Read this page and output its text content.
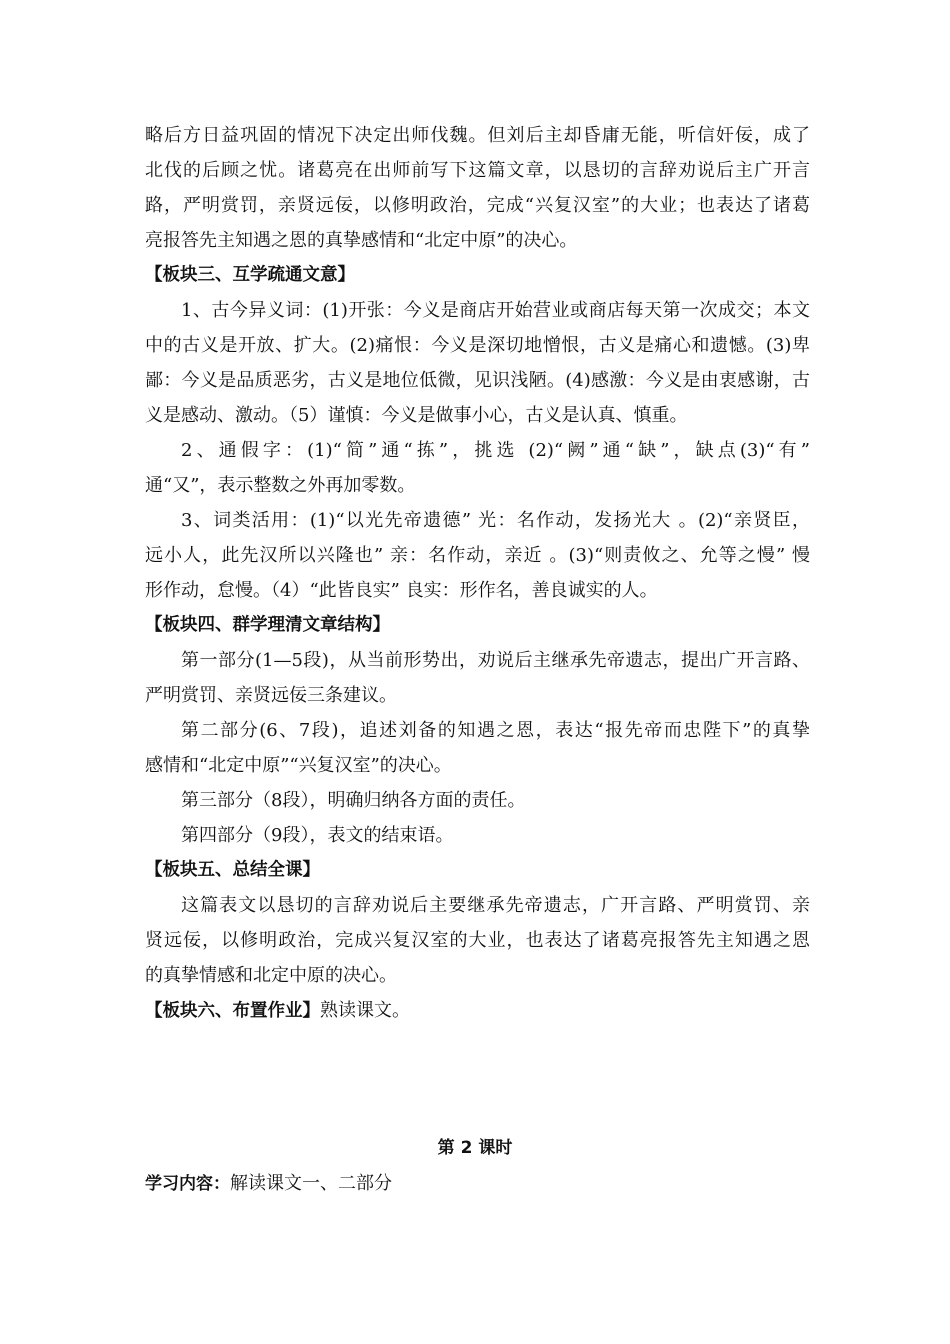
略后方日益巩固的情况下决定出师伐魏。但刘后主却昏庸无能，听信奸佞，成了
北伐的后顾之忧。诸葛亮在出师前写下这篇文章，以恳切的言辞劝说后主广开言
路，严明赏罚，亲贤远佞，以修明政治，完成“兴复汉室”的大业；也表达了诸葛
亮报答先主知遇之恩的真挚感情和“北定中原”的决心。
【板块三、互学疏通文意】
1、古今异义词：(1)开张：今义是商店开始营业或商店每天第一次成交；本文
中的古义是开放、扩大。(2)痛恨：今义是深切地憎恨，古义是痛心和遗憾。(3)卑
鄙：今义是品质恶劣，古义是地位低微，见识浅陋。(4)感激：今义是由衷感谢，古
义是感动、激动。（5）谨慎：今义是做事小心，古义是认真、慎重。
2、通假字：(1)“简”通“拣”，挑选 (2)“阙”通“缺”，缺点(3)“有”
通“又”，表示整数之外再加零数。
3、词类活用：(1)“以光先帝遗德” 光：名作动，发扬光大 。(2)“亲贤臣，
远小人，此先汉所以兴隆也” 亲：名作动，亲近 。(3)“则责攸之、允等之慢” 慢
形作动，怠慢。（4）“此皆良实” 良实：形作名，善良诚实的人。
【板块四、群学理清文章结构】
第一部分(1—5段)，从当前形势出，劝说后主继承先帝遗志，提出广开言路、
严明赏罚、亲贤远佞三条建议。
第二部分(6、7段)，追述刘备的知遇之恩，表达“报先帝而忠陛下”的真挚
感情和“北定中原”“兴复汉室”的决心。
第三部分（8段），明确归纳各方面的责任。
第四部分（9段），表文的结束语。
【板块五、总结全课】
这篇表文以恳切的言辞劝说后主要继承先帝遗志，广开言路、严明赏罚、亲
贤远佞，以修明政治，完成兴复汉室的大业，也表达了诸葛亮报答先主知遇之恩
的真挚情感和北定中原的决心。
【板块六、布置作业】熟读课文。
第 2 课时
学习内容：解读课文一、二部分
